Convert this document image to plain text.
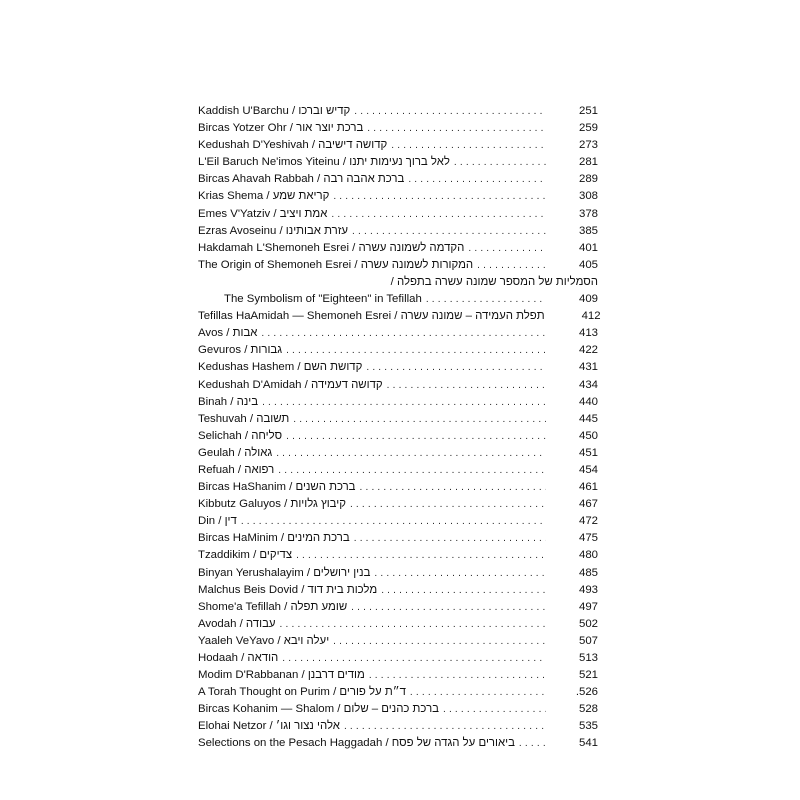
קדיש וברכו / Kaddish U'Barchu .....	251
ברכת יוצר אור / Bircas Yotzer Ohr .....	259
קדושה דישיבה / Kedushah D'Yeshivah .....	273
לאל ברוך נעימות יתנו / L'Eil Baruch Ne'imos Yiteinu .....	281
ברכת אהבה רבה / Bircas Ahavah Rabbah .....	289
קריאת שמע / Krias Shema .....	308
אמת ויציב / Emes V'Yatziv .....	378
עזרת אבותינו / Ezras Avoseinu .....	385
הקדמה לשמונה עשרה / Hakdamah L'Shemoneh Esrei .....	401
המקורות לשמונה עשרה / The Origin of Shemoneh Esrei .....	405
הסמליות של המספר שמונה עשרה בתפלה /
The Symbolism of "Eighteen" in Tefillah .....	409
תפלת העמידה – שמונה עשרה / Tefillas HaAmidah — Shemoneh Esrei	412
אבות / Avos .....	413
גבורות / Gevuros .....	422
קדושת השם / Kedushas Hashem .....	431
קדושה דעמידה / Kedushah D'Amidah .....	434
בינה / Binah .....	440
תשובה / Teshuvah .....	445
סליחה / Selichah .....	450
גאולה / Geulah .....	451
רפואה / Refuah .....	454
ברכת השנים / Bircas HaShanim .....	461
קיבוץ גלויות / Kibbutz Galuyos .....	467
דין / Din .....	472
ברכת המינים / Bircas HaMinim .....	475
צדיקים / Tzaddikim .....	480
בנין ירושלים / Binyan Yerushalayim .....	485
מלכות בית דוד / Malchus Beis Dovid .....	493
שומע תפלה / Shome'a Tefillah .....	497
עבודה / Avodah .....	502
יעלה ויבא / Yaaleh VeYavo .....	507
הודאה / Hodaah .....	513
מודים דרבנן / Modim D'Rabbanan .....	521
ד״ת על פורים / A Torah Thought on Purim .....	.526
ברכת כהנים – שלום / Bircas Kohanim — Shalom .....	528
אלהי נצור וגו׳ / Elohai Netzor .....	535
ביאורים על הגדה של פסח / Selections on the Pesach Haggadah .....	541
